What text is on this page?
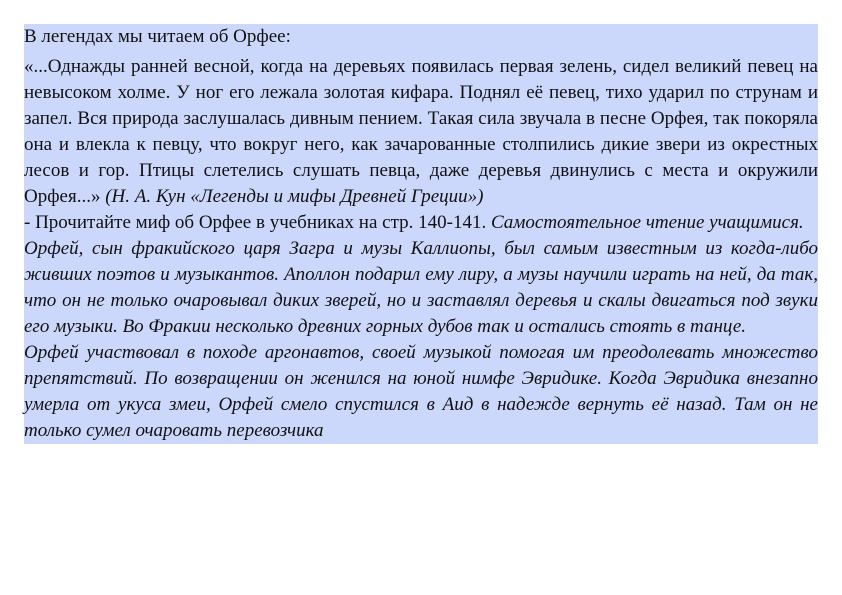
В легендах мы читаем об Орфее:

«...Однажды ранней весной, когда на деревьях появилась первая зелень, сидел великий певец на невысоком холме. У ног его лежала золотая кифара. Поднял её певец, тихо ударил по струнам и запел. Вся природа заслушалась дивным пением. Такая сила звучала в песне Орфея, так покоряла она и влекла к певцу, что вокруг него, как зачарованные столпились дикие звери из окрестных лесов и гор. Птицы слетелись слушать певца, даже деревья двинулись с места и окружили Орфея...» (Н. А. Кун «Легенды и мифы Древней Греции»)

- Прочитайте миф об Орфее в учебниках на стр. 140-141. Самостоятельное чтение учащимися.

Орфей, сын фракийского царя Загра и музы Каллиопы, был самым известным из когда-либо живших поэтов и музыкантов. Аполлон подарил ему лиру, а музы научили играть на ней, да так, что он не только очаровывал диких зверей, но и заставлял деревья и скалы двигаться под звуки его музыки. Во Фракии несколько древних горных дубов так и остались стоять в танце.

Орфей участвовал в походе аргонавтов, своей музыкой помогая им преодолевать множество препятствий. По возвращении он женился на юной нимфе Эвридике. Когда Эвридика внезапно умерла от укуса змеи, Орфей смело спустился в Аид в надежде вернуть её назад. Там он не только сумел очаровать перевозчика
